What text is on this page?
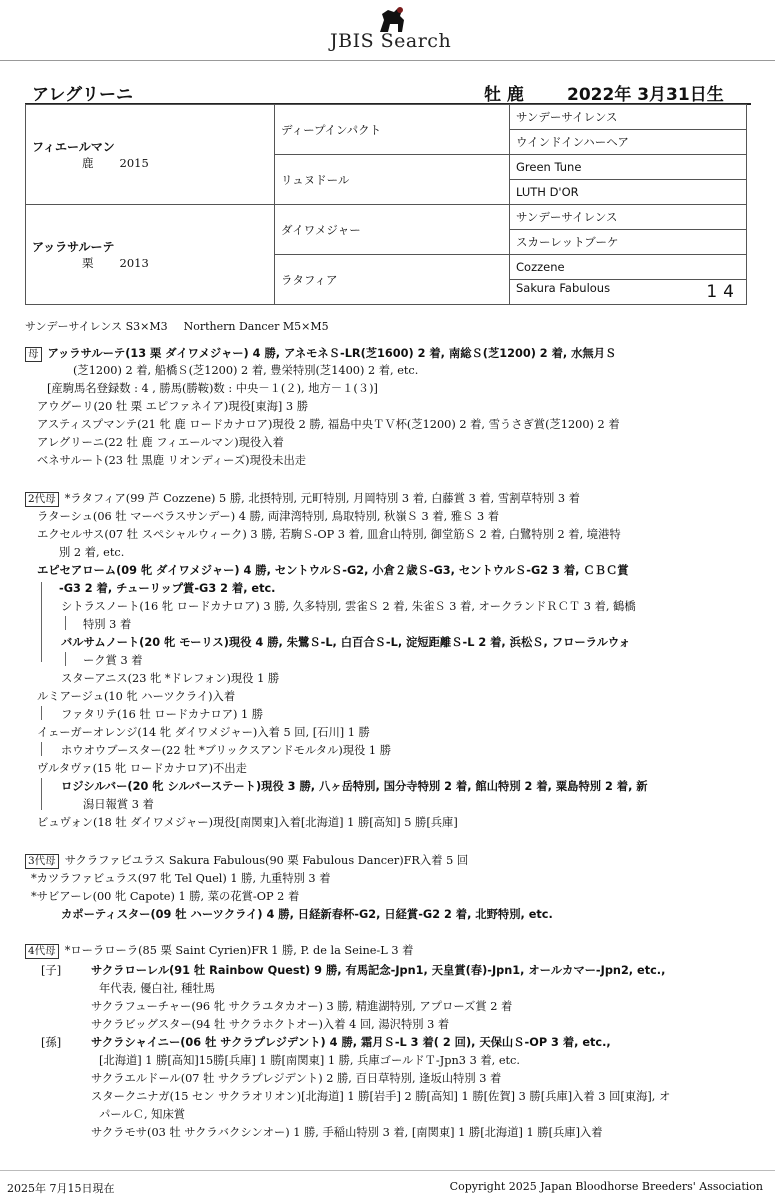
JBIS Search
アレグリーニ	牡 鹿	2022年 3月31日生
フィエールマン
鹿 2015	ディープインパクト	サンデーサイレンス
		ウインドインハーヘア
	リュヌドール	Green Tune
		LUTH D'OR

アッラサルーテ
栗 2013	ダイワメジャー	サンデーサイレンス
		スカーレットブーケ
	ラタフィア	Cozzene
		Sakura Fabulous 14
サンデーサイレンス S3×M3 Northern Dancer M5×M5
母 アッラサルーテ(13 栗 ダイワメジャー) 4 勝, アネモネＳ-LR(芝1600) 2 着, 南総Ｓ(芝1200) 2 着, 水無月Ｓ
(芝1200) 2 着, 船橋Ｓ(芝1200) 2 着, 豊栄特別(芝1400) 2 着, etc.
[産駒馬名登録数 : 4 , 勝馬(勝鞍)数 : 中央－１(２), 地方－１(３)]
アウグーリ(20 牡 栗 エピファネイア)現役[東海] 3 勝
アスティスプマンテ(21 牝 鹿 ロードカナロア)現役 2 勝, 福島中央ＴＶ杯(芝1200) 2 着, 雪うさぎ賞(芝1200) 2 着
アレグリーニ(22 牡 鹿 フィエールマン)現役入着
ベネサルート(23 牡 黒鹿 リオンディーズ)現役未出走
2代母 *ラタフィア(99 芦 Cozzene) 5 勝, 北摂特別, 元町特別, 月岡特別 3 着, 白藤賞 3 着, 雪割草特別 3 着
ラターシュ(06 牡 マーベラスサンデー) 4 勝, 両津湾特別, 鳥取特別, 秋嶺Ｓ 3 着, 雅Ｓ 3 着
エクセルサス(07 牡 スペシャルウィーク) 3 勝, 若駒Ｓ-OP 3 着, 皿倉山特別, 御堂筋Ｓ 2 着, 白鷺特別 2 着, 境港特
別 2 着, etc.
エピセアローム(09 牝 ダイワメジャー) 4 勝, セントウルＳ-G2, 小倉２歳Ｓ-G3, セントウルＳ-G2 3 着, ＣＢＣ賞
-G3 2 着, チューリップ賞-G3 2 着, etc.
シトラスノート(16 牝 ロードカナロア) 3 勝, 久多特別, 雲雀Ｓ 2 着, 朱雀Ｓ 3 着, オークランドＲＣＴ 3 着, 鶴橋
特別 3 着
バルサムノート(20 牝 モーリス)現役 4 勝, 朱鷺Ｓ-L, 白百合Ｓ-L, 淀短距離Ｓ-L 2 着, 浜松Ｓ, フローラルウォ
ーク賞 3 着
スターアニス(23 牝 *ドレフォン)現役 1 勝
ルミアージュ(10 牝 ハーツクライ)入着
ファタリテ(16 牡 ロードカナロア) 1 勝
イェーガーオレンジ(14 牝 ダイワメジャー)入着 5 回, [石川] 1 勝
ホウオウブースター(22 牡 *ブリックスアンドモルタル)現役 1 勝
ヴルタヴァ(15 牝 ロードカナロア)不出走
ロジシルバー(20 牝 シルバーステート)現役 3 勝, 八ヶ岳特別, 国分寺特別 2 着, 館山特別 2 着, 粟島特別 2 着, 新
潟日報賞 3 着
ビュヴォン(18 牡 ダイワメジャー)現役[南関東]入着[北海道] 1 勝[高知] 5 勝[兵庫]
3代母 サクラファビユラス Sakura Fabulous(90 栗 Fabulous Dancer)FR入着 5 回
*カツラファビュラス(97 牝 Tel Quel) 1 勝, 九重特別 3 着
*サビアーレ(00 牝 Capote) 1 勝, 菜の花賞-OP 2 着
カポーティスター(09 牡 ハーツクライ) 4 勝, 日経新春杯-G2, 日経賞-G2 2 着, 北野特別, etc.
4代母 *ローラローラ(85 栗 Saint Cyrien)FR 1 勝, P. de la Seine-L 3 着
[子]	サクラローレル(91 牡 Rainbow Quest) 9 勝, 有馬記念-Jpn1, 天皇賞(春)-Jpn1, オールカマー-Jpn2, etc.,
年代表, 優白社, 種牡馬
サクラフューチャー(96 牝 サクラユタカオー) 3 勝, 精進湖特別, アプローズ賞 2 着
サクラビッグスター(94 牡 サクラホクトオー)入着 4 回, 湯沢特別 3 着
[孫]	サクラシャイニー(06 牡 サクラプレジデント) 4 勝, 霜月Ｓ-L 3 着( 2 回), 天保山Ｓ-OP 3 着, etc.,
[北海道] 1 勝[高知]15勝[兵庫] 1 勝[南関東] 1 勝, 兵庫ゴールドＴ-Jpn3 3 着, etc.
サクラエルドール(07 牡 サクラプレジデント) 2 勝, 百日草特別, 逢坂山特別 3 着
スタークニナガ(15 セン サクラオリオン)[北海道] 1 勝[岩手] 2 勝[高知] 1 勝[佐賀] 3 勝[兵庫]入着 3 回[東海], オ
パールＣ, 知床賞
サクラモサ(03 牡 サクラバクシンオー) 1 勝, 手稲山特別 3 着, [南関東] 1 勝[北海道] 1 勝[兵庫]入着
2025年 7月15日現在	Copyright 2025 Japan Bloodhorse Breeders' Association
